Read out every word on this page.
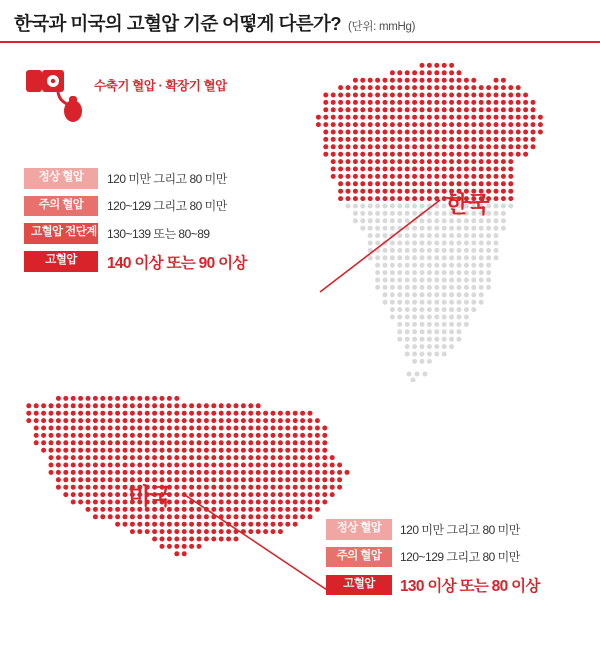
한국과 미국의 고혈압 기준 어떻게 다른가? (단위: mmHg)
수축기 혈압 · 확장기 혈압
한국
미국
정상 혈압	120 미만 그리고 80 미만
주의 혈압	120~129 그리고 80 미만
고혈압 전단계 130~139 또는 80~89
고혈압	140 이상 또는 90 이상
정상 혈압	120 미만 그리고 80 미만
주의 혈압	120~129 그리고 80 미만
고혈압	130 이상 또는 80 이상
